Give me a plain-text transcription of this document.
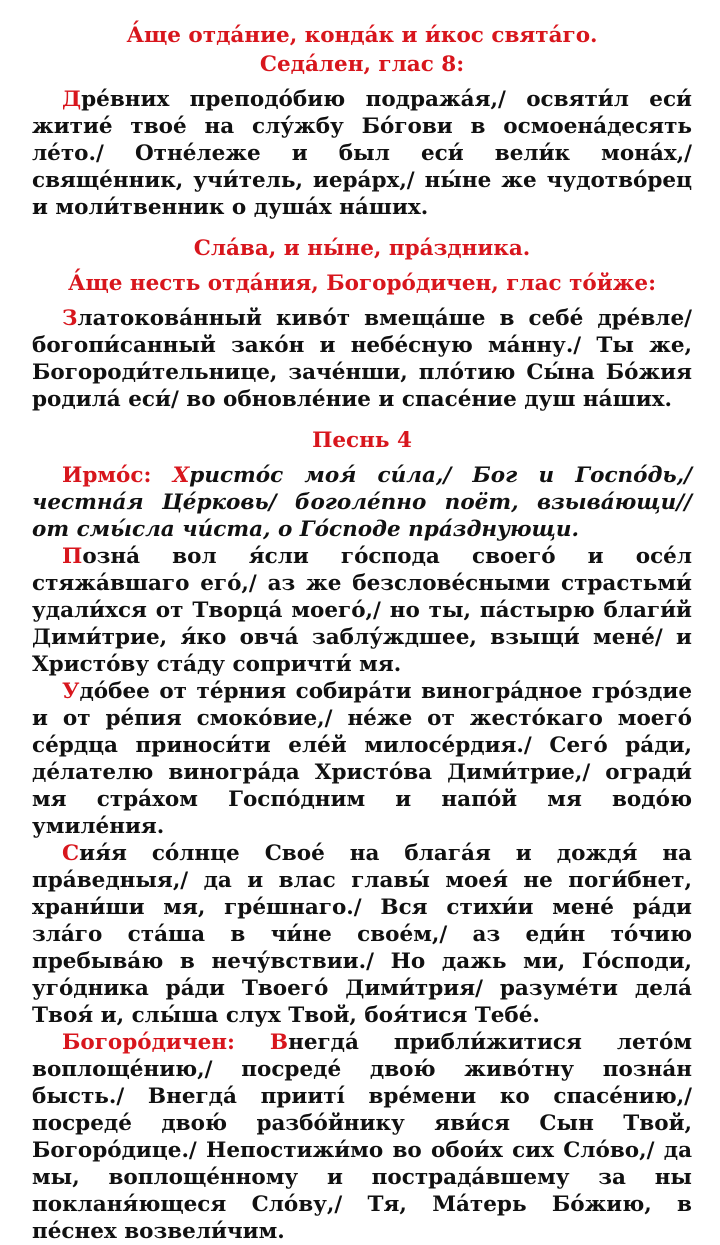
А́ще отда́ние, конда́к и и́кос свята́го.
Седа́лен, глас 8:

Дре́вних преподо́бию подража́я,/ освяти́л еси́ житие́ твое́ на слу́жбу Бо́гови в осмоена́десять ле́то./ Отне́леже и был еси́ вели́к мона́х,/ свяще́нник, учи́тель, иера́рх,/ ны́не же чудотво́рец и моли́твенник о душа́х на́ших.

Сла́ва, и ны́не, пра́здника.
А́ще несть отда́ния, Богоро́дичен, глас то́йже:

Златокова́нный киво́т вмеща́ше в себе́ дре́вле/ богопи́санный зако́н и небе́сную ма́нну./ Ты же, Богороди́тельнице, заче́нши, пло́тию Сы́на Бо́жия родила́ еси́/ во обновле́ние и спасе́ние душ на́ших.

Песнь 4

Ирмо́с: Христо́с моя́ си́ла,/ Бог и Госпо́дь,/ честна́я Це́рковь/ боголе́пно поёт, взыва́ющи// от смы́сла чи́ста, о Го́споде пра́зднующи.

Позна́ вол я́сли го́спода своего́ и осе́л стяжа́вшаго его́,/ аз же безслове́сными страстьми́ удали́хся от Творца́ моего́,/ но ты, па́стырю благи́й Дими́трие, я́ко овча́ заблу́ждшее, взыщи́ мене́/ и Христо́ву ста́ду сопричти́ мя.

Удо́бее от те́рния собира́ти виногра́дное гро́здие и от ре́пия смоко́вие,/ не́же от жесто́каго моего́ се́рдца приноси́ти еле́й милосе́рдия./ Сего́ ра́ди, де́лателю виногра́да Христо́ва Дими́трие,/ огради́ мя стра́хом Госпо́дним и напо́й мя водо́ю умиле́ния.

Сия́я со́лнце Свое́ на блага́я и дождя́ на пра́ведныя,/ да и влас главы́ моея́ не поги́бнет, храни́ши мя, гре́шнаго./ Вся стихи́и мене́ ра́ди зла́го ста́ша в чи́не свое́м,/ аз еди́н то́чию пребыва́ю в нечу́вствии./ Но дажь ми, Го́споди, уго́дника ра́ди Твоего́ Дими́трия/ разуме́ти дела́ Твоя́ и, слы́ша слух Твой, боя́тися Тебе́.

Богоро́дичен: Внегда́ прибли́житися лето́м воплоще́нию,/ посреде́ двою́ живо́тну позна́н бысть./ Внегда́ прииті́ вре́мени ко спасе́нию,/ посреде́ двою́ разбо́йнику яви́ся Сын Твой, Богоро́дице./ Непостижи́мо во обои́х сих Сло́во,/ да мы, воплоще́нному и пострада́вшему за ны покланя́ющеся Сло́ву,/ Тя, Ма́терь Бо́жию, в пе́снех возвели́чим.
